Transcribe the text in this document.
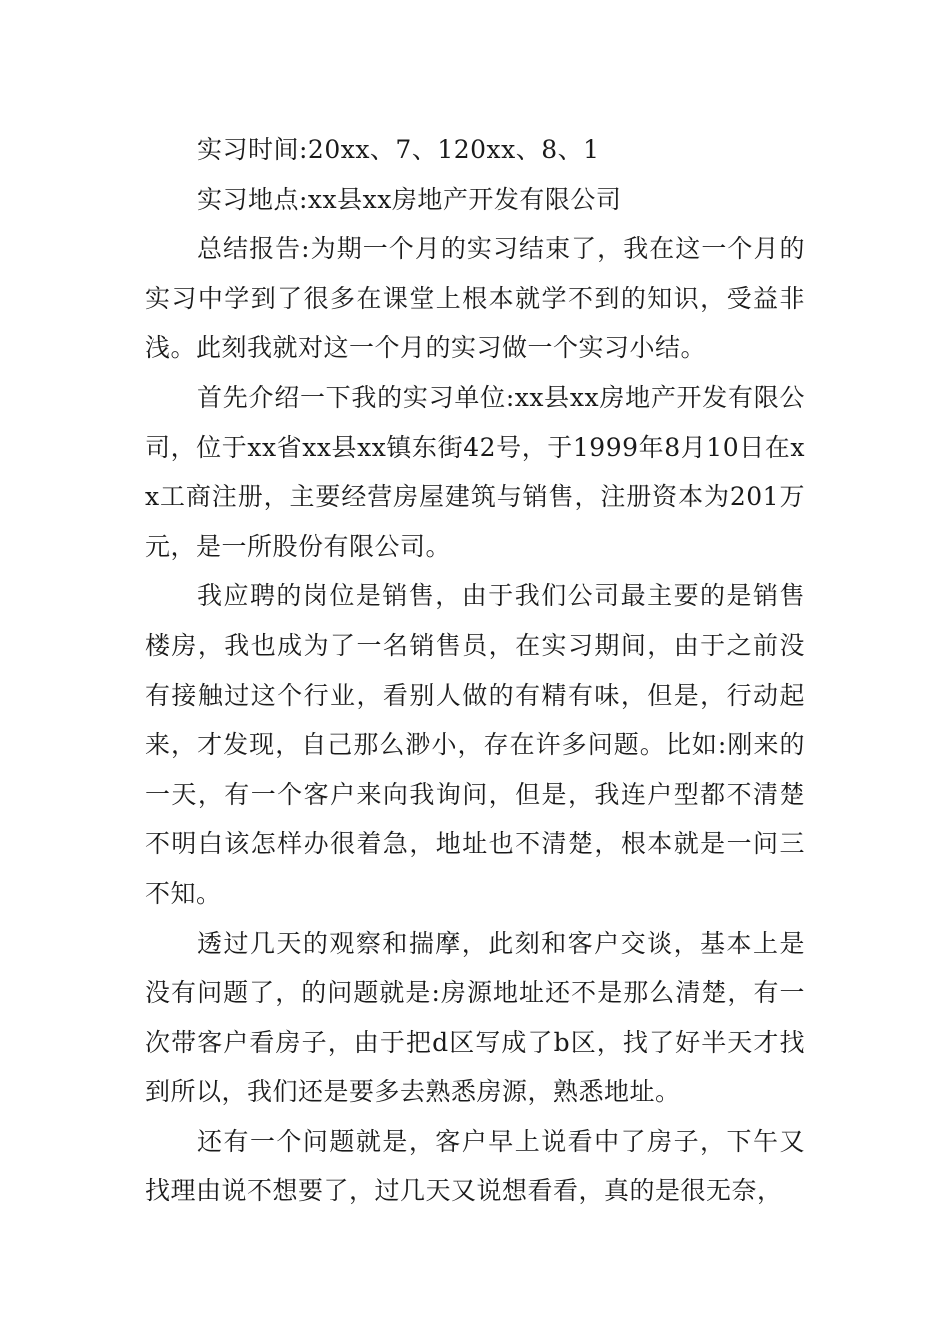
实习时间:20xx、7、120xx、8、1

实习地点:xx县xx房地产开发有限公司

总结报告:为期一个月的实习结束了，我在这一个月的实习中学到了很多在课堂上根本就学不到的知识，受益非浅。此刻我就对这一个月的实习做一个实习小结。

首先介绍一下我的实习单位:xx县xx房地产开发有限公司，位于xx省xx县xx镇东街42号，于1999年8月10日在xx工商注册，主要经营房屋建筑与销售，注册资本为201万元，是一所股份有限公司。

我应聘的岗位是销售，由于我们公司最主要的是销售楼房，我也成为了一名销售员，在实习期间，由于之前没有接触过这个行业，看别人做的有精有味，但是，行动起来，才发现，自己那么渺小，存在许多问题。比如:刚来的一天，有一个客户来向我询问，但是，我连户型都不清楚不明白该怎样办很着急，地址也不清楚，根本就是一问三不知。

透过几天的观察和揣摩，此刻和客户交谈，基本上是没有问题了，的问题就是:房源地址还不是那么清楚，有一次带客户看房子，由于把d区写成了b区，找了好半天才找到所以，我们还是要多去熟悉房源，熟悉地址。

还有一个问题就是，客户早上说看中了房子，下午又找理由说不想要了，过几天又说想看看，真的是很无奈，
